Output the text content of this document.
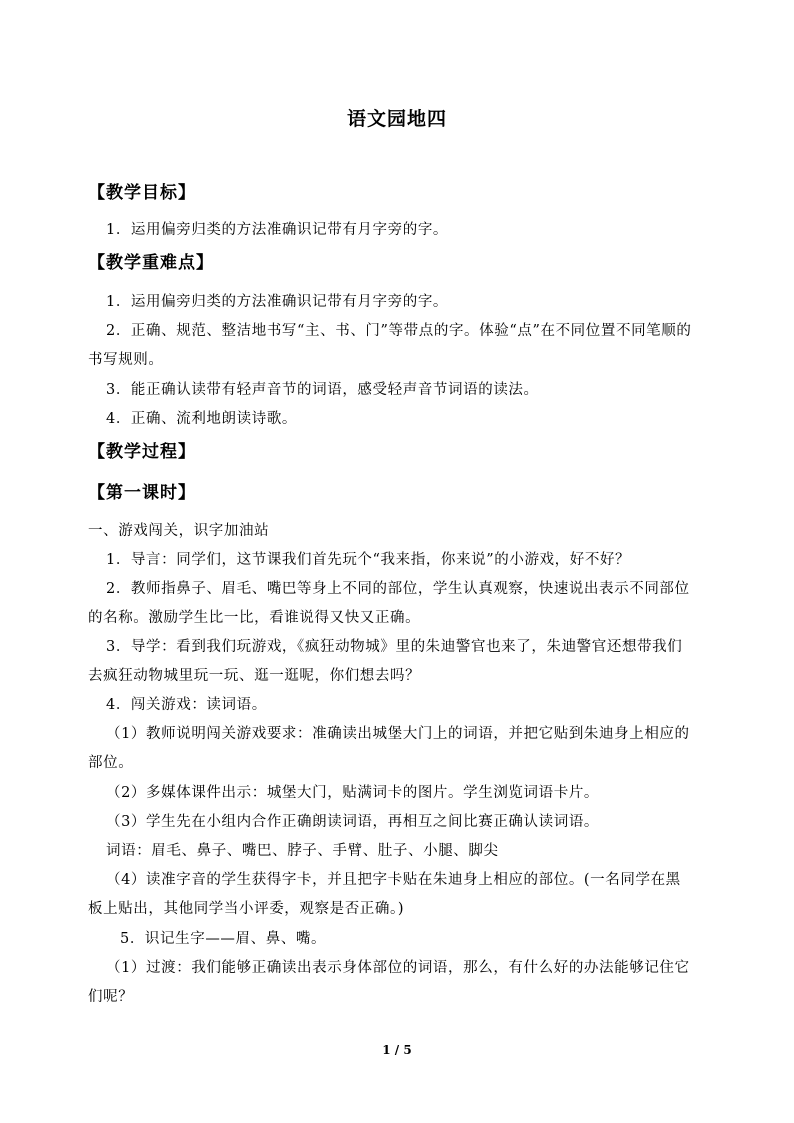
语文园地四
【教学目标】
1．运用偏旁归类的方法准确识记带有月字旁的字。
【教学重难点】
1．运用偏旁归类的方法准确识记带有月字旁的字。
2．正确、规范、整洁地书写“主、书、门”等带点的字。体验“点”在不同位置不同笔顺的
书写规则。
3．能正确认读带有轻声音节的词语，感受轻声音节词语的读法。
4．正确、流利地朗读诗歌。
【教学过程】
【第一课时】
一、游戏闯关，识字加油站
1．导言：同学们，这节课我们首先玩个“我来指，你来说”的小游戏，好不好？
2．教师指鼻子、眉毛、嘴巴等身上不同的部位，学生认真观察，快速说出表示不同部位
的名称。激励学生比一比，看谁说得又快又正确。
3．导学：看到我们玩游戏，《疯狂动物城》里的朱迪警官也来了，朱迪警官还想带我们
去疯狂动物城里玩一玩、逛一逛呢，你们想去吗？
4．闯关游戏：读词语。
（1）教师说明闯关游戏要求：准确读出城堡大门上的词语，并把它贴到朱迪身上相应的
部位。
（2）多媒体课件出示：城堡大门，贴满词卡的图片。学生浏览词语卡片。
（3）学生先在小组内合作正确朗读词语，再相互之间比赛正确认读词语。
词语：眉毛、鼻子、嘴巴、脖子、手臂、肚子、小腿、脚尖
（4）读准字音的学生获得字卡，并且把字卡贴在朱迪身上相应的部位。(一名同学在黑
板上贴出，其他同学当小评委，观察是否正确。)
5．识记生字——眉、鼻、嘴。
（1）过渡：我们能够正确读出表示身体部位的词语，那么，有什么好的办法能够记住它
们呢？
1 / 5
